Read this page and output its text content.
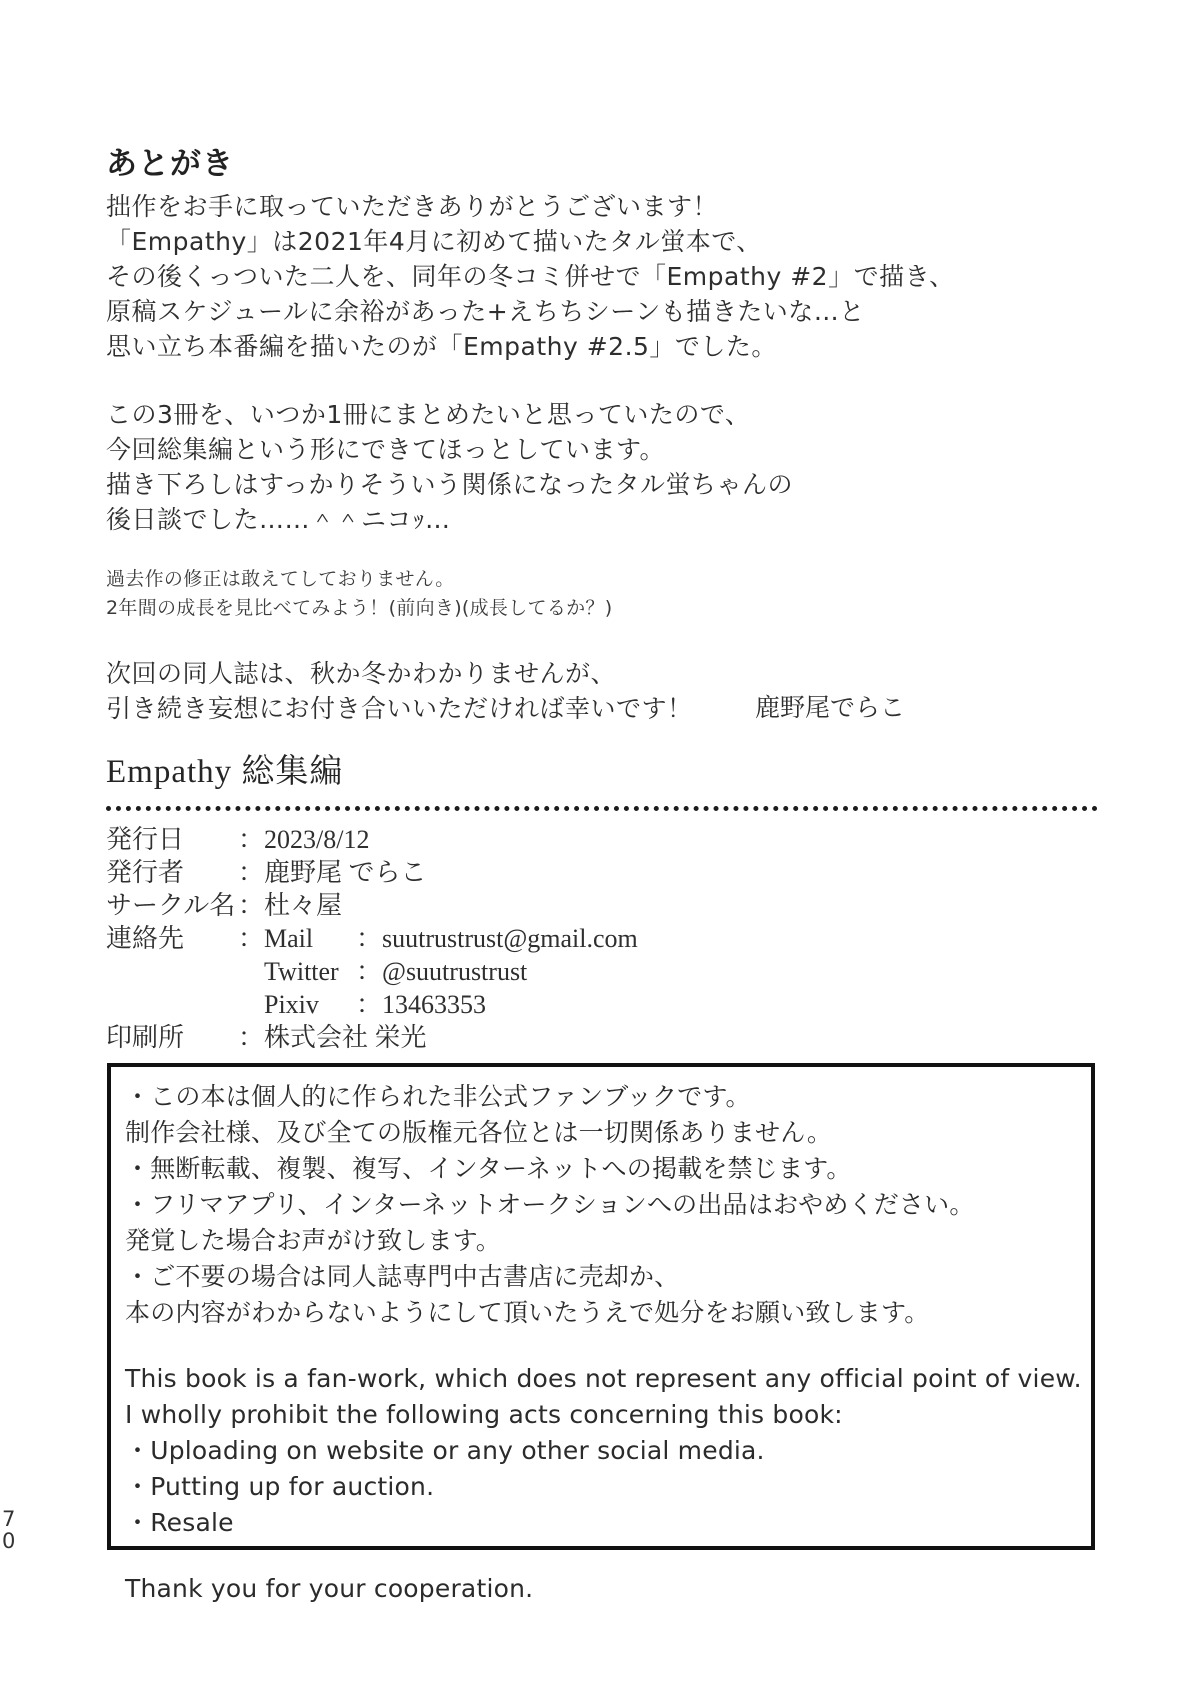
あとがき
拙作をお手に取っていただきありがとうございます！
「Empathy」は2021年4月に初めて描いたタル蛍本で、
その後くっついた二人を、同年の冬コミ併せで「Empathy #2」で描き、
原稿スケジュールに余裕があった+えちちシーンも描きたいな…と
思い立ち本番編を描いたのが「Empathy #2.5」でした。
この3冊を、いつか1冊にまとめたいと思っていたので、
今回総集編という形にできてほっとしています。
描き下ろしはすっかりそういう関係になったタル蛍ちゃんの
後日談でした……＾＾ニコｯ…
過去作の修正は敢えてしておりません。
2年間の成長を見比べてみよう！(前向き)(成長してるか？)
次回の同人誌は、秋か冬かわかりませんが、
引き続き妄想にお付き合いいただければ幸いです！	鹿野尾でらこ
Empathy 総集編
発行日	： 2023/8/12
発行者	： 鹿野尾 でらこ
サークル名 ： 杜々屋
連絡先	： Mail	： suutrustrust@gmail.com
Twitter ： @suutrustrust
Pixiv	： 13463353
印刷所	： 株式会社 栄光
・この本は個人的に作られた非公式ファンブックです。
制作会社様、及び全ての版権元各位とは一切関係ありません。
・無断転載、複製、複写、インターネットへの掲載を禁じます。
・フリマアプリ、インターネットオークションへの出品はおやめください。
発覚した場合お声がけ致します。
・ご不要の場合は同人誌専門中古書店に売却か、
本の内容がわからないようにして頂いたうえで処分をお願い致します。
This book is a fan-work, which does not represent any official point of view.
I wholly prohibit the following acts concerning this book:
・Uploading on website or any other social media.
・Putting up for auction.
・Resale
Thank you for your cooperation.
7
0
